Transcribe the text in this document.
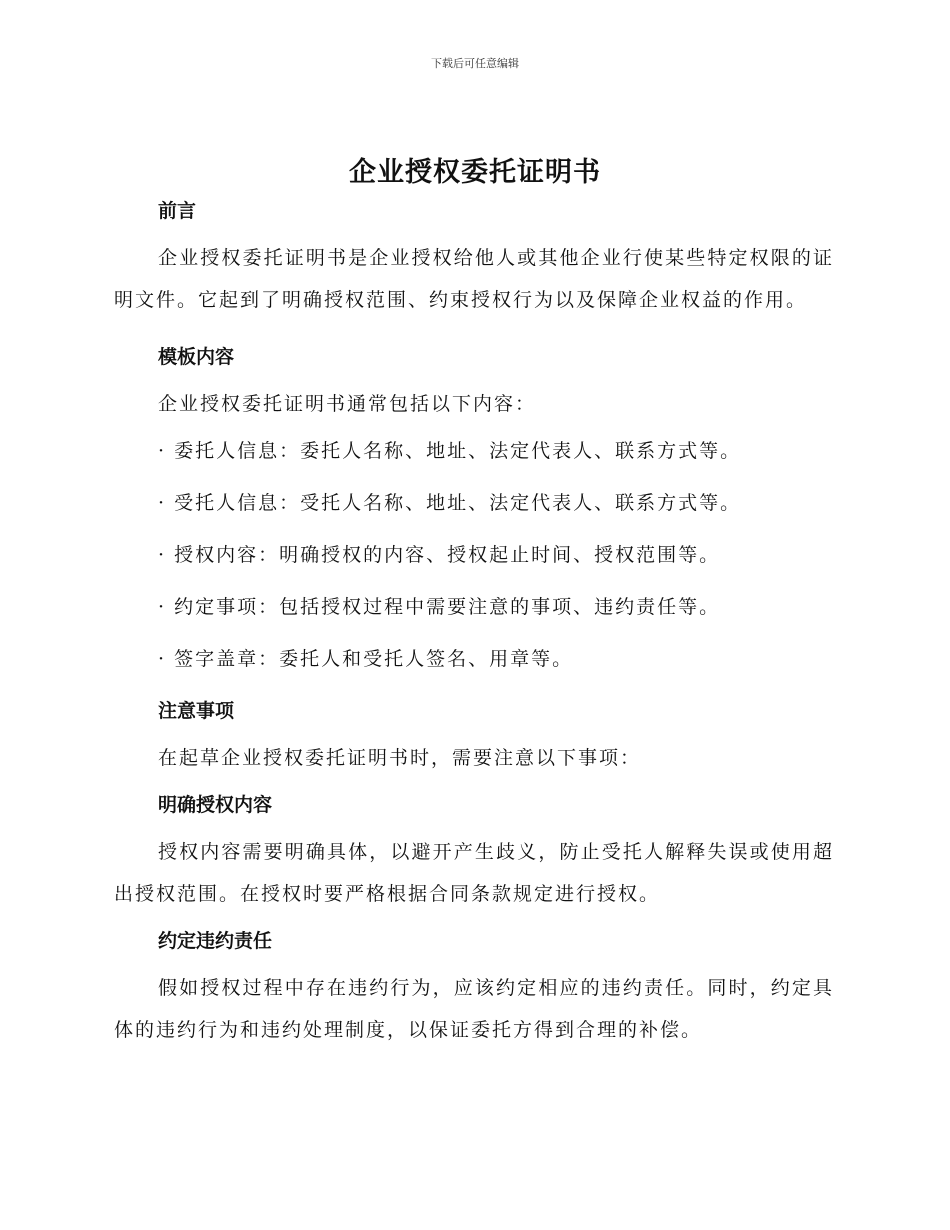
下载后可任意编辑
企业授权委托证明书
前言

企业授权委托证明书是企业授权给他人或其他企业行使某些特定权限的证明文件。它起到了明确授权范围、约束授权行为以及保障企业权益的作用。

模板内容

企业授权委托证明书通常包括以下内容：

· 委托人信息：委托人名称、地址、法定代表人、联系方式等。

· 受托人信息：受托人名称、地址、法定代表人、联系方式等。

· 授权内容：明确授权的内容、授权起止时间、授权范围等。

· 约定事项：包括授权过程中需要注意的事项、违约责任等。

· 签字盖章：委托人和受托人签名、用章等。

注意事项

在起草企业授权委托证明书时，需要注意以下事项：

明确授权内容

授权内容需要明确具体，以避开产生歧义，防止受托人解释失误或使用超出授权范围。在授权时要严格根据合同条款规定进行授权。

约定违约责任

假如授权过程中存在违约行为，应该约定相应的违约责任。同时，约定具体的违约行为和违约处理制度，以保证委托方得到合理的补偿。
